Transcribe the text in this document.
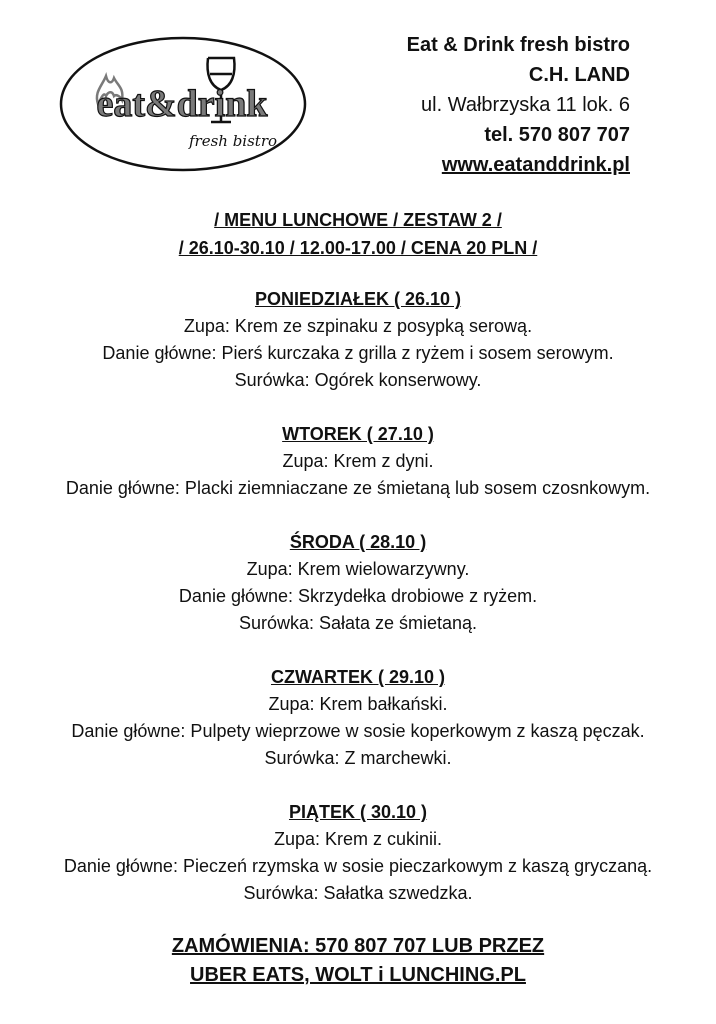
eat&drink
fresh bistro
Eat & Drink fresh bistro
C.H. LAND
ul. Wałbrzyska 11 lok. 6
tel. 570 807 707
www.eatanddrink.pl
/ MENU LUNCHOWE / ZESTAW 2 /
/ 26.10-30.10 / 12.00-17.00 / CENA 20 PLN /
PONIEDZIAŁEK ( 26.10 )
Zupa: Krem ze szpinaku z posypką serową.
Danie główne: Pierś kurczaka z grilla z ryżem i sosem serowym.
Surówka: Ogórek konserwowy.
WTOREK ( 27.10 )
Zupa: Krem z dyni.
Danie główne: Placki ziemniaczane ze śmietaną lub sosem czosnkowym.
ŚRODA ( 28.10 )
Zupa: Krem wielowarzywny.
Danie główne: Skrzydełka drobiowe z ryżem.
Surówka: Sałata ze śmietaną.
CZWARTEK ( 29.10 )
Zupa: Krem bałkański.
Danie główne: Pulpety wieprzowe w sosie koperkowym z kaszą pęczak.
Surówka: Z marchewki.
PIĄTEK ( 30.10 )
Zupa: Krem z cukinii.
Danie główne: Pieczeń rzymska w sosie pieczarkowym z kaszą gryczaną.
Surówka: Sałatka szwedzka.
ZAMÓWIENIA: 570 807 707 LUB PRZEZ
UBER EATS, WOLT i LUNCHING.PL
